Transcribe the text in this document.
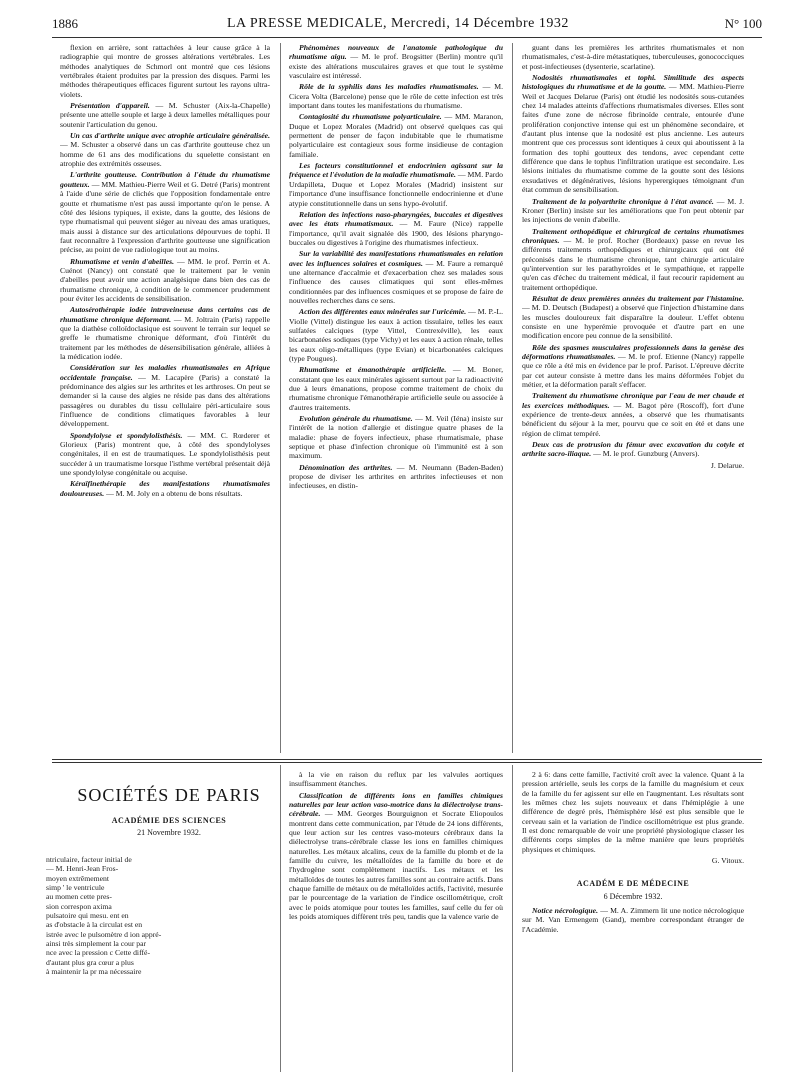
1886	LA PRESSE MEDICALE, Mercredi, 14 Décembre 1932	N° 100

flexion en arrière, sont rattachées à leur cause grâce à la radiographie qui montre de grosses altérations vertébrales. Les méthodes analytiques de Schmorl ont montré que ces lésions vertébrales étaient produites par la pression des disques. Parmi les méthodes thérapeutiques efficaces figurent surtout les rayons ultra-violets.

Présentation d'appareil. — M. Schuster (Aix-la-Chapelle) présente une attelle souple et large à deux lamelles métalliques pour soutenir l'articulation du genou.

Un cas d'arthrite unique avec atrophie articulaire généralisée. — M. Schuster a observé dans un cas d'arthrite goutteuse chez un homme de 61 ans des modifications du squelette consistant en atrophie des extrémités osseuses.

L'arthrite goutteuse. Contribution à l'étude du rhumatisme goutteux. — MM. Mathieu-Pierre Weil et G. Detré (Paris) montrent à l'aide d'une série de clichés que l'opposition fondamentale entre goutte et rhumatisme n'est pas aussi importante qu'on le pense. A côté des lésions typiques, il existe, dans la goutte, des lésions de type rhumatismal qui peuvent siéger au niveau des amas uratiques, mais aussi à distance sur des articulations dépourvues de tophi. Il faut reconnaître à l'expression d'arthrite goutteuse une signification précise, au point de vue radiologique tout au moins.

Rhumatisme et venin d'abeilles. — MM. le prof. Perrin et A. Cuénot (Nancy) ont constaté que le traitement par le venin d'abeilles peut avoir une action analgésique dans bien des cas de rhumatisme chronique, à condition de le commencer prudemment pour éviter les accidents de sensibilisation.

Autosérothérapie iodée intraveineuse dans certains cas de rhumatisme chronique déformant. — M. Joltrain (Paris) rappelle que la diathèse colloïdoclasique est souvent le terrain sur lequel se greffe le rhumatisme chronique déformant, d'où l'intérêt du traitement par les méthodes de désensibilisation générale, alliées à la médication iodée.

Considération sur les maladies rhumatismales en Afrique occidentale française. — M. Lacapère (Paris) a constaté la prédominance des algies sur les arthrites et les arthroses. On peut se demander si la cause des algies ne réside pas dans des altérations passagères ou durables du tissu cellulaire péri-articulaire sous l'influence de conditions climatiques favorables à leur développement.

Spondylolyse et spondylolisthésis. — MM. C. Rœderer et Glorieux (Paris) montrent que, à côté des spondylolyses congénitales, il en est de traumatiques. Le spondylolisthésis peut succéder à un traumatisme lorsque l'isthme vertébral présentait déjà une spondylolyse congénitale ou acquise.

Kéraïfinethérapie des manifestations rhumatismales douloureuses. — M. M. Joly en a obtenu de bons résultats.

Phénomènes nouveaux de l'anatomie pathologique du rhumatisme aigu. — M. le prof. Brogsitter (Berlin) montre qu'il existe des altérations musculaires graves et que tout le système vasculaire est intéressé.

Rôle de la syphilis dans les maladies rhumatismales. — M. Cicera Volta (Barcelone) pense que le rôle de cette infection est très important dans toutes les manifestations du rhumatisme.

Contagiosité du rhumatisme polyarticulaire. — MM. Maranon, Duque et Lopez Morales (Madrid) ont observé quelques cas qui permettent de penser de façon indubitable que le rhumatisme polyarticulaire est contagieux sous forme insidieuse de contagion familiale.

Les facteurs constitutionnel et endocrinien agissant sur la fréquence et l'évolution de la maladie rhumatismale. — MM. Pardo Urdapilleta, Duque et Lopez Morales (Madrid) insistent sur l'importance d'une insuffisance fonctionnelle endocrinienne et d'une atypie constitutionnelle dans un sens hypo-évolutif.

Relation des infections naso-pharyngées, buccales et digestives avec les états rhumatismaux. — M. Faure (Nice) rappelle l'importance, qu'il avait signalée dès 1900, des lésions pharyngo-buccales ou digestives à l'origine des rhumatismes infectieux.

Sur la variabilité des manifestations rhumatismales en relation avec les influences solaires et cosmiques. — M. Faure a remarqué une alternance d'accalmie et d'exacerbation chez ses malades sous l'influence des causes climatiques qui sont elles-mêmes conditionnées par des influences cosmiques et se propose de faire de nouvelles recherches dans ce sens.

Action des différentes eaux minérales sur l'uricémie. — M. P.-L. Violle (Vittel) distingue les eaux à action tissulaire, telles les eaux sulfatées calciques (type Vittel, Contrexéville), les eaux bicarbonatées sodiques (type Vichy) et les eaux à action rénale, telles les eaux oligo-métalliques (type Evian) et bicarbonatées calciques (type Pougues).

Rhumatisme et émanothérapie artificielle. — M. Boner, constatant que les eaux minérales agissent surtout par la radioactivité due à leurs émanations, propose comme traitement de choix du rhumatisme chronique l'émanothérapie artificielle seule ou associée à d'autres traitements.

Evolution générale du rhumatisme. — M. Veil (Iéna) insiste sur l'intérêt de la notion d'allergie et distingue quatre phases de la maladie: phase de foyers infectieux, phase rhumatismale, phase septique et phase d'infection chronique où l'immunité est à son maximum.

Dénomination des arthrites. — M. Neumann (Baden-Baden) propose de diviser les arthrites en arthrites infectieuses et non infectieuses, en distin-

guant dans les premières les arthrites rhumatismales et non rhumatismales, c'est-à-dire métastatiques, tuberculeuses, gonococciques et post-infectieuses (dysenterie, scarlatine).

Nodosités rhumatismales et tophi. Similitude des aspects histologiques du rhumatisme et de la goutte. — MM. Mathieu-Pierre Weil et Jacques Delarue (Paris) ont étudié les nodosités sous-cutanées chez 14 malades atteints d'affections rhumatismales diverses. Elles sont faites d'une zone de nécrose fibrinoïde centrale, entourée d'une prolifération conjonctive intense qui est un phénomène secondaire, et d'autant plus intense que la nodosité est plus ancienne. Les auteurs montrent que ces processus sont identiques à ceux qui aboutissent à la formation des tophi goutteux des tendons, avec cependant cette différence que dans le tophus l'infiltration uratique est secondaire. Les lésions initiales du rhumatisme comme de la goutte sont des lésions exsudatives et dégénératives, lésions hyperergiques témoignant d'un état commun de sensibilisation.

Traitement de la polyarthrite chronique à l'état avancé. — M. J. Kroner (Berlin) insiste sur les améliorations que l'on peut obtenir par les injections de venin d'abeille.

Traitement orthopédique et chirurgical de certains rhumatismes chroniques. — M. le prof. Rocher (Bordeaux) passe en revue les différents traitements orthopédiques et chirurgicaux qui ont été préconisés dans le rhumatisme chronique, tant chirurgie articulaire qu'intervention sur les parathyroïdes et le sympathique, et rappelle qu'en cas d'échec du traitement médical, il faut recourir rapidement au traitement orthopédique.

Résultat de deux premières années du traitement par l'histamine. — M. D. Deutsch (Budapest) a observé que l'injection d'histamine dans les muscles douloureux fait disparaître la douleur. L'effet obtenu consiste en une hyperémie provoquée et d'autre part en une modification encore peu connue de la sensibilité.

Rôle des spasmes musculaires professionnels dans la genèse des déformations rhumatismales. — M. le prof. Etienne (Nancy) rappelle que ce rôle a été mis en évidence par le prof. Parisot. L'épreuve décrite par cet auteur consiste à mettre dans les mains déformées l'objet du métier, et la déformation paraît s'effacer.

Traitement du rhumatisme chronique par l'eau de mer chaude et les exercices méthodiques. — M. Bagot père (Roscoff), fort d'une expérience de trente-deux années, a observé que les rhumatisants bénéficient du séjour à la mer, pourvu que ce soit en été et dans une région de climat tempéré.

Deux cas de protrusion du fémur avec excavation du cotyle et arthrite sacro-iliaque. — M. le prof. Gunzburg (Anvers).

J. Delarue.

SOCIÉTÉS DE PARIS
ACADÉMIE DES SCIENCES
21 Novembre 1932.
ntriculaire, facteur initial de
— M. Henri-Jean Fros-
moyen extrêmement
simp ' le ventricule
au momen cette pres-
sion correspon axima
pulsatoire qui mesu. ent en
as d'obstacle à la circulat est en
istrée avec le pulsomètre d ion appré-
ainsi très simplement la cour par
nce avec la pression c Cette diffé-
d'autant plus gra cœur a plus
à maintenir la pr ma nécessaire

à la vie en raison du reflux par les valvules aortiques insuffisamment étanches.

Classification de différents ions en familles chimiques naturelles par leur action vaso-motrice dans la diélectrolyse trans-cérébrale. — MM. Georges Bourguignon et Socrate Eliopoulos montrent dans cette communication, par l'étude de 24 ions différents, que leur action sur les centres vaso-moteurs cérébraux dans la diélectrolyse trans-cérébrale classe les ions en familles chimiques naturelles. Les métaux alcalins, ceux de la famille du plomb et de la famille du cuivre, les métalloïdes de la famille du bore et de l'hydrogène sont complètement inactifs. Les métaux et les métalloïdes de toutes les autres familles sont au contraire actifs. Dans chaque famille de métaux ou de métalloïdes actifs, l'activité, mesurée par le pourcentage de la variation de l'indice oscillométrique, croît avec le poids atomique pour toutes les familles, sauf celle du fer où les poids atomiques diffèrent très peu, tandis que la valence varie de

2 à 6: dans cette famille, l'activité croît avec la valence. Quant à la pression artérielle, seuls les corps de la famille du magnésium et ceux de la famille du fer agissent sur elle en l'augmentant. Les résultats sont les mêmes chez les sujets nouveaux et dans l'hémiplégie à une différence de degré près, l'hémisphère lésé est plus sensible que le cerveau sain et la variation de l'indice oscillométrique est plus grande. Il est donc remarquable de voir une propriété physiologique classer les différents corps simples de la même manière que leurs propriétés physiques et chimiques.

G. Vitoux.

ACADÉM E DE MÉDECINE
6 Décembre 1932.

Notice nécrologique. — M. A. Zimmern lit une notice nécrologique sur M. Van Ermengem (Gand), membre correspondant étranger de l'Académie.
